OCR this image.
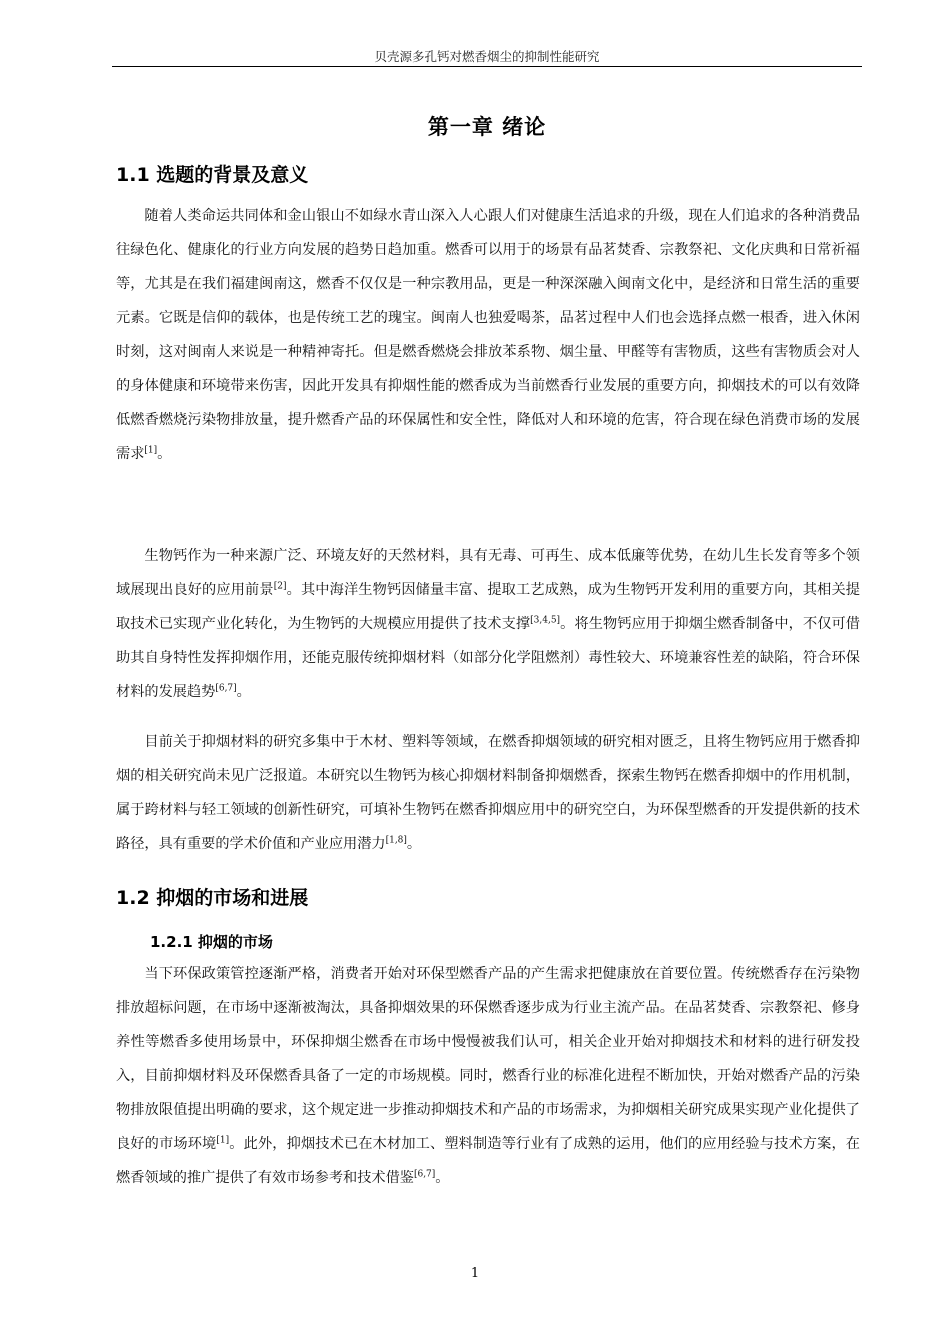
贝壳源多孔钙对燃香烟尘的抑制性能研究
第一章 绪论
1.1 选题的背景及意义

随着人类命运共同体和金山银山不如绿水青山深入人心跟人们对健康生活追求的升级，现在人们追求的各种消费品往绿色化、健康化的行业方向发展的趋势日趋加重。燃香可以用于的场景有品茗焚香、宗教祭祀、文化庆典和日常祈福等，尤其是在我们福建闽南这，燃香不仅仅是一种宗教用品，更是一种深深融入闽南文化中，是经济和日常生活的重要元素。它既是信仰的载体，也是传统工艺的瑰宝。闽南人也独爱喝茶，品茗过程中人们也会选择点燃一根香，进入休闲时刻，这对闽南人来说是一种精神寄托。但是燃香燃烧会排放苯系物、烟尘量、甲醛等有害物质，这些有害物质会对人的身体健康和环境带来伤害，因此开发具有抑烟性能的燃香成为当前燃香行业发展的重要方向，抑烟技术的可以有效降低燃香燃烧污染物排放量，提升燃香产品的环保属性和安全性，降低对人和环境的危害，符合现在绿色消费市场的发展需求[1]。

生物钙作为一种来源广泛、环境友好的天然材料，具有无毒、可再生、成本低廉等优势，在幼儿生长发育等多个领域展现出良好的应用前景[2]。其中海洋生物钙因储量丰富、提取工艺成熟，成为生物钙开发利用的重要方向，其相关提取技术已实现产业化转化，为生物钙的大规模应用提供了技术支撑[3,4,5]。将生物钙应用于抑烟尘燃香制备中，不仅可借助其自身特性发挥抑烟作用，还能克服传统抑烟材料（如部分化学阻燃剂）毒性较大、环境兼容性差的缺陷，符合环保材料的发展趋势[6,7]。

目前关于抑烟材料的研究多集中于木材、塑料等领域，在燃香抑烟领域的研究相对匮乏，且将生物钙应用于燃香抑烟的相关研究尚未见广泛报道。本研究以生物钙为核心抑烟材料制备抑烟燃香，探索生物钙在燃香抑烟中的作用机制，属于跨材料与轻工领域的创新性研究，可填补生物钙在燃香抑烟应用中的研究空白，为环保型燃香的开发提供新的技术路径，具有重要的学术价值和产业应用潜力[1,8]。

1.2 抑烟的市场和进展
1.2.1 抑烟的市场

当下环保政策管控逐渐严格，消费者开始对环保型燃香产品的产生需求把健康放在首要位置。传统燃香存在污染物排放超标问题，在市场中逐渐被淘汰，具备抑烟效果的环保燃香逐步成为行业主流产品。在品茗焚香、宗教祭祀、修身养性等燃香多使用场景中，环保抑烟尘燃香在市场中慢慢被我们认可，相关企业开始对抑烟技术和材料的进行研发投入，目前抑烟材料及环保燃香具备了一定的市场规模。同时，燃香行业的标准化进程不断加快，开始对燃香产品的污染物排放限值提出明确的要求，这个规定进一步推动抑烟技术和产品的市场需求，为抑烟相关研究成果实现产业化提供了良好的市场环境[1]。此外，抑烟技术已在木材加工、塑料制造等行业有了成熟的运用，他们的应用经验与技术方案，在燃香领域的推广提供了有效市场参考和技术借鉴[6,7]。

1
